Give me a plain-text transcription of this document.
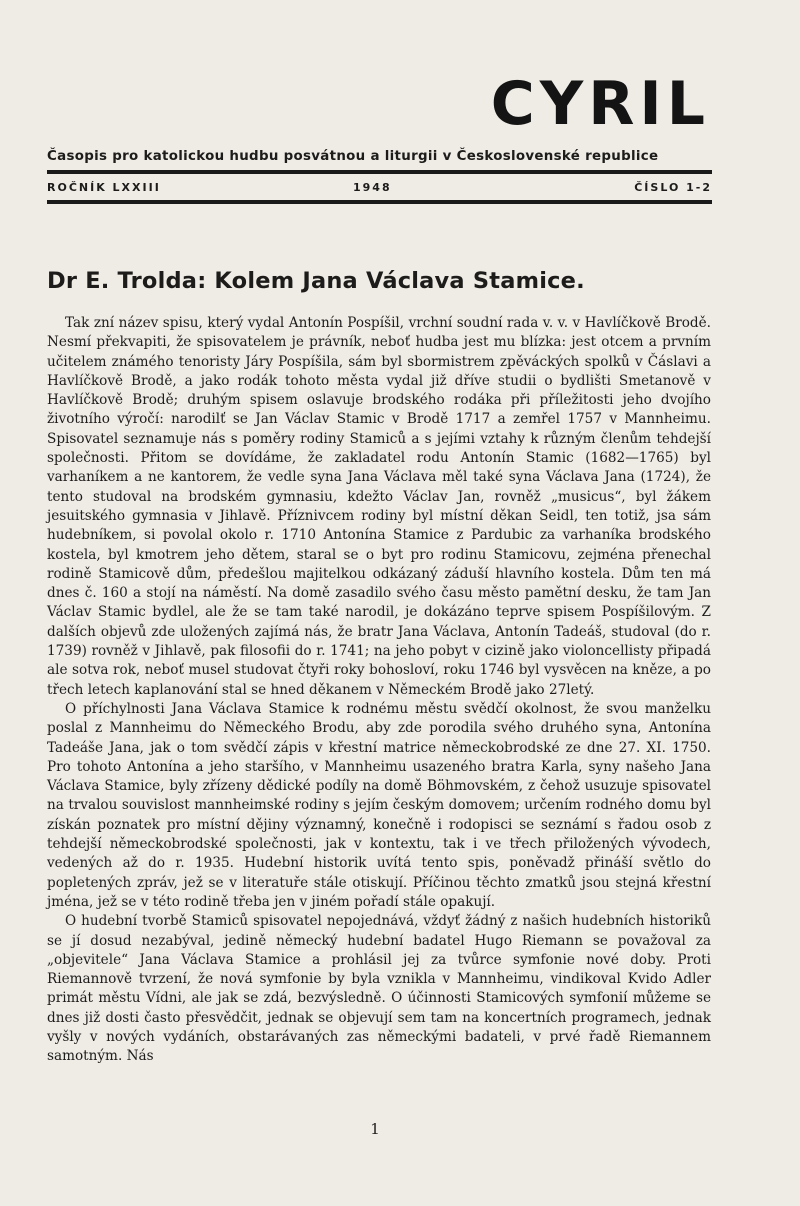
CYRIL
Časopis pro katolickou hudbu posvátnou a liturgii v Československé republice
ROČNÍK LXXIII	1948	ČÍSLO 1-2
Dr E. Trolda: Kolem Jana Václava Stamice.

Tak zní název spisu, který vydal Antonín Pospíšil, vrchní soudní rada v. v. v Havlíčkově Brodě. Nesmí překvapiti, že spisovatelem je právník, neboť hudba jest mu blízka: jest otcem a prvním učitelem známého tenoristy Járy Pospíšila, sám byl sbormistrem zpěváckých spolků v Čáslavi a Havlíčkově Brodě, a jako rodák tohoto města vydal již dříve studii o bydlišti Smetanově v Havlíčkově Brodě; druhým spisem oslavuje brodského rodáka při příležitosti jeho dvojího životního výročí: narodilť se Jan Václav Stamic v Brodě 1717 a zemřel 1757 v Mannheimu. Spisovatel seznamuje nás s poměry rodiny Stamiců a s jejími vztahy k různým členům tehdejší společnosti. Přitom se dovídáme, že zakladatel rodu Antonín Stamic (1682—1765) byl varhaníkem a ne kantorem, že vedle syna Jana Václava měl také syna Václava Jana (1724), že tento studoval na brodském gymnasiu, kdežto Václav Jan, rovněž „musicus“, byl žákem jesuitského gymnasia v Jihlavě. Příznivcem rodiny byl místní děkan Seidl, ten totiž, jsa sám hudebníkem, si povolal okolo r. 1710 Antonína Stamice z Pardubic za varhaníka brodského kostela, byl kmotrem jeho dětem, staral se o byt pro rodinu Stamicovu, zejména přenechal rodině Stamicově dům, předešlou majitelkou odkázaný záduší hlavního kostela. Dům ten má dnes č. 160 a stojí na náměstí. Na domě zasadilo svého času město pamětní desku, že tam Jan Václav Stamic bydlel, ale že se tam také narodil, je dokázáno teprve spisem Pospíšilovým. Z dalších objevů zde uložených zajímá nás, že bratr Jana Václava, Antonín Tadeáš, studoval (do r. 1739) rovněž v Jihlavě, pak filosofii do r. 1741; na jeho pobyt v cizině jako violoncellisty připadá ale sotva rok, neboť musel studovat čtyři roky bohosloví, roku 1746 byl vysvěcen na kněze, a po třech letech kaplanování stal se hned děkanem v Německém Brodě jako 27letý.

O příchylnosti Jana Václava Stamice k rodnému městu svědčí okolnost, že svou manželku poslal z Mannheimu do Německého Brodu, aby zde porodila svého druhého syna, Antonína Tadeáše Jana, jak o tom svědčí zápis v křestní matrice německobrodské ze dne 27. XI. 1750. Pro tohoto Antonína a jeho staršího, v Mannheimu usazeného bratra Karla, syny našeho Jana Václava Stamice, byly zřízeny dědické podíly na domě Böhmovském, z čehož usuzuje spisovatel na trvalou souvislost mannheimské rodiny s jejím českým domovem; určením rodného domu byl získán poznatek pro místní dějiny významný, konečně i rodopisci se seznámí s řadou osob z tehdejší německobrodské společnosti, jak v kontextu, tak i ve třech přiložených vývodech, vedených až do r. 1935. Hudební historik uvítá tento spis, poněvadž přináší světlo do popletených zpráv, jež se v literatuře stále otiskují. Příčinou těchto zmatků jsou stejná křestní jména, jež se v této rodině třeba jen v jiném pořadí stále opakují.

O hudební tvorbě Stamiců spisovatel nepojednává, vždyť žádný z našich hudebních historiků se jí dosud nezabýval, jedině německý hudební badatel Hugo Riemann se považoval za „objevitele“ Jana Václava Stamice a prohlásil jej za tvůrce symfonie nové doby. Proti Riemannově tvrzení, že nová symfonie by byla vznikla v Mannheimu, vindikoval Kvido Adler primát městu Vídni, ale jak se zdá, bezvýsledně. O účinnosti Stamicových symfonií můžeme se dnes již dosti často přesvědčit, jednak se objevují sem tam na koncertních programech, jednak vyšly v nových vydáních, obstarávaných zas německými badateli, v prvé řadě Riemannem samotným. Nás

1
